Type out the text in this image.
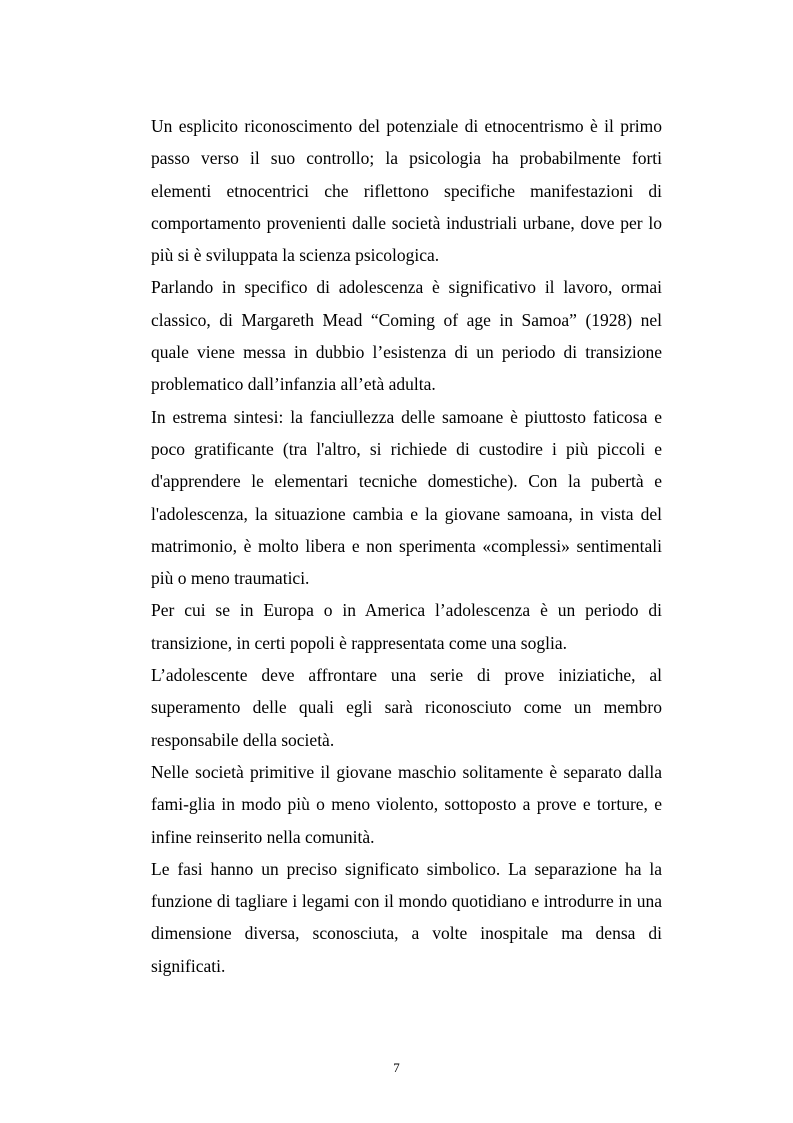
Un esplicito riconoscimento del potenziale di etnocentrismo è il primo passo verso il suo controllo; la psicologia ha probabilmente forti elementi etnocentrici che riflettono specifiche manifestazioni di comportamento provenienti dalle società industriali urbane, dove per lo più si è sviluppata la scienza psicologica.

Parlando in specifico di adolescenza è significativo il lavoro, ormai classico, di Margareth Mead “Coming of age in Samoa” (1928) nel quale viene messa in dubbio l’esistenza di un periodo di transizione problematico dall’infanzia all’età adulta.

In estrema sintesi: la fanciullezza delle samoane è piuttosto faticosa e poco gratificante (tra l'altro, si richiede di custodire i più piccoli e d'apprendere le elementari tecniche domestiche). Con la pubertà e l'adolescenza, la situazione cambia e la giovane samoana, in vista del matrimonio, è molto libera e non sperimenta «complessi» sentimentali più o meno traumatici.

Per cui se in Europa o in America l’adolescenza è un periodo di transizione, in certi popoli è rappresentata come una soglia.

L’adolescente deve affrontare una serie di prove iniziatiche, al superamento delle quali egli sarà riconosciuto come un membro responsabile della società.

Nelle società primitive il giovane maschio solitamente è separato dalla fami-glia in modo più o meno violento, sottoposto a prove e torture, e infine reinserito nella comunità.

Le fasi hanno un preciso significato simbolico. La separazione ha la funzione di tagliare i legami con il mondo quotidiano e introdurre in una dimensione diversa, sconosciuta, a volte inospitale ma densa di significati.

7
